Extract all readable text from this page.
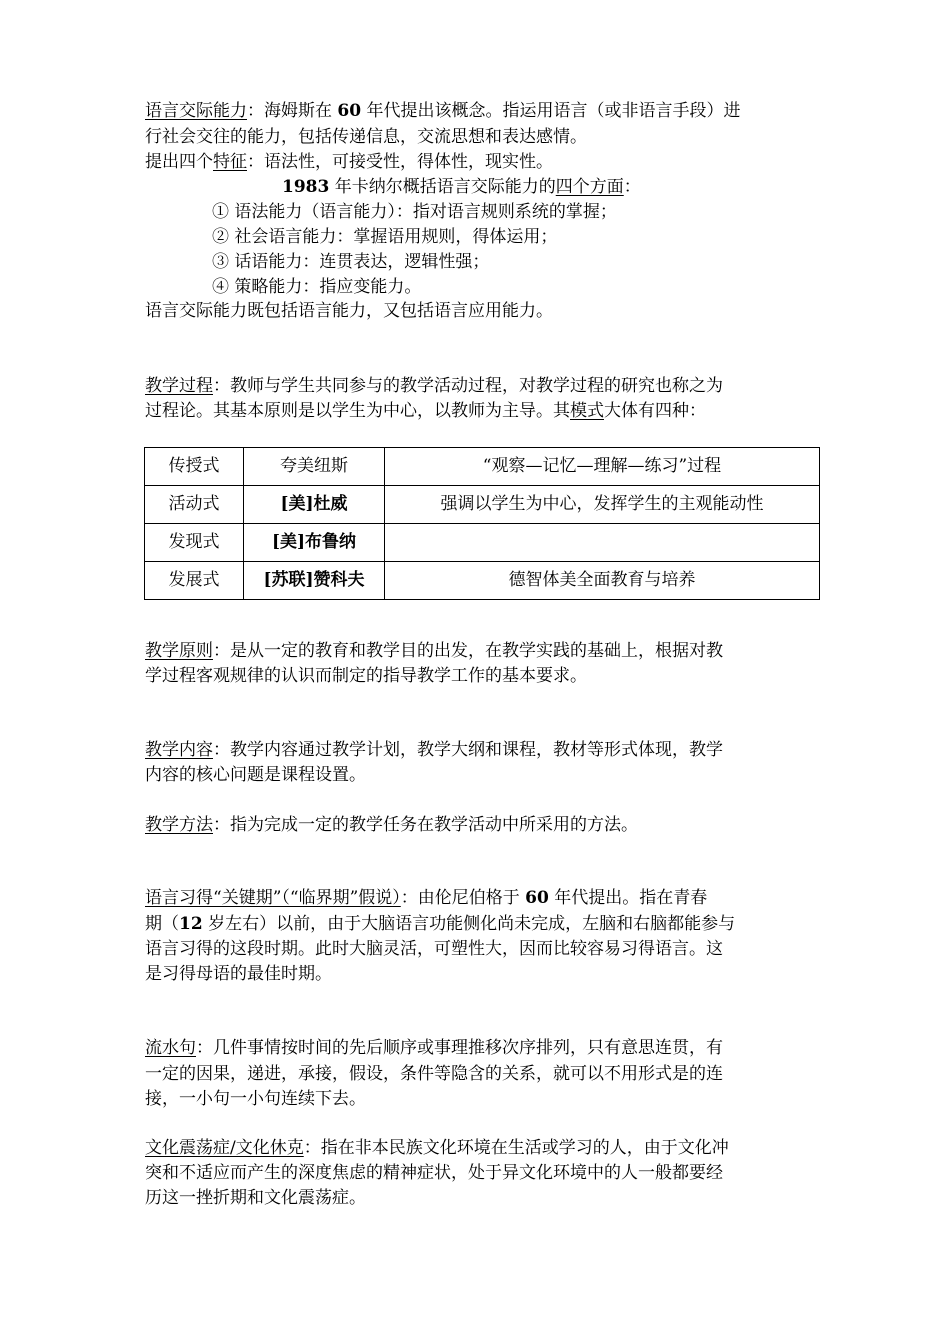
语言交际能力：海姆斯在 60 年代提出该概念。指运用语言（或非语言手段）进
行社会交往的能力，包括传递信息，交流思想和表达感情。
提出四个特征：语法性，可接受性，得体性，现实性。
1983 年卡纳尔概括语言交际能力的四个方面：
① 语法能力（语言能力）：指对语言规则系统的掌握；
② 社会语言能力：掌握语用规则，得体运用；
③ 话语能力：连贯表达，逻辑性强；
④ 策略能力：指应变能力。
语言交际能力既包括语言能力，又包括语言应用能力。
教学过程：教师与学生共同参与的教学活动过程，对教学过程的研究也称之为
过程论。其基本原则是以学生为中心，以教师为主导。其模式大体有四种：
传授式	夸美纽斯	“观察—记忆—理解—练习”过程
活动式	[美]杜威	强调以学生为中心，发挥学生的主观能动性
发现式	[美]布鲁纳	
发展式	[苏联]赞科夫	德智体美全面教育与培养
教学原则：是从一定的教育和教学目的出发，在教学实践的基础上，根据对教
学过程客观规律的认识而制定的指导教学工作的基本要求。
教学内容：教学内容通过教学计划，教学大纲和课程，教材等形式体现，教学
内容的核心问题是课程设置。
教学方法：指为完成一定的教学任务在教学活动中所采用的方法。
语言习得“关键期”（“临界期”假说）：由伦尼伯格于 60 年代提出。指在青春
期（12 岁左右）以前，由于大脑语言功能侧化尚未完成，左脑和右脑都能参与
语言习得的这段时期。此时大脑灵活，可塑性大，因而比较容易习得语言。这
是习得母语的最佳时期。
流水句：几件事情按时间的先后顺序或事理推移次序排列，只有意思连贯，有
一定的因果，递进，承接，假设，条件等隐含的关系，就可以不用形式是的连
接，一小句一小句连续下去。
文化震荡症/文化休克：指在非本民族文化环境在生活或学习的人，由于文化冲
突和不适应而产生的深度焦虑的精神症状，处于异文化环境中的人一般都要经
历这一挫折期和文化震荡症。
